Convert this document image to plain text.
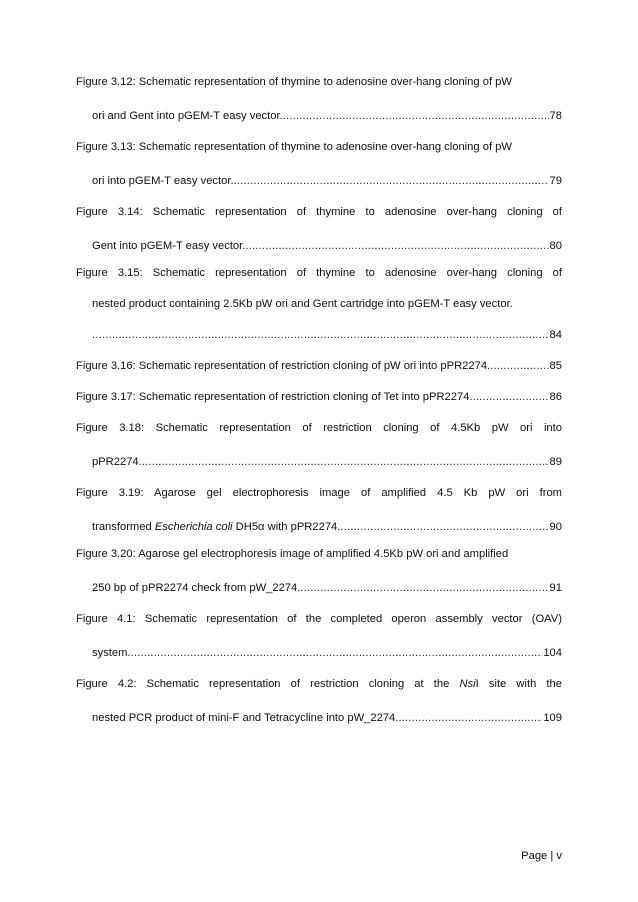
Figure 3.12: Schematic representation of thymine to adenosine over-hang cloning of pW
ori and Gent into pGEM-T easy vector. .....	78
Figure 3.13: Schematic representation of thymine to adenosine over-hang cloning of pW
ori into pGEM-T easy vector. .....	79
Figure 3.14: Schematic representation of thymine to adenosine over-hang cloning of
Gent into pGEM-T easy vector. .....	80
Figure 3.15: Schematic representation of thymine to adenosine over-hang cloning of
nested product containing 2.5Kb pW ori and Gent cartridge into pGEM-T easy vector.
.....
84
Figure 3.16: Schematic representation of restriction cloning of pW ori into pPR2274. .....	85
Figure 3.17: Schematic representation of restriction cloning of Tet into pPR2274. .....	86
Figure 3.18: Schematic representation of restriction cloning of 4.5Kb pW ori into
pPR2274. .....	89
Figure 3.19: Agarose gel electrophoresis image of amplified 4.5 Kb pW ori from
transformed Escherichia coli DH5α with pPR2274. .....	90
Figure 3.20: Agarose gel electrophoresis image of amplified 4.5Kb pW ori and amplified
250 bp of pPR2274 check from pW_2274. .....	91
Figure 4.1: Schematic representation of the completed operon assembly vector (OAV)
system. .....	104
Figure 4.2: Schematic representation of restriction cloning at the NsiI site with the
nested PCR product of mini-F and Tetracycline into pW_2274. .....	109
Page | v
